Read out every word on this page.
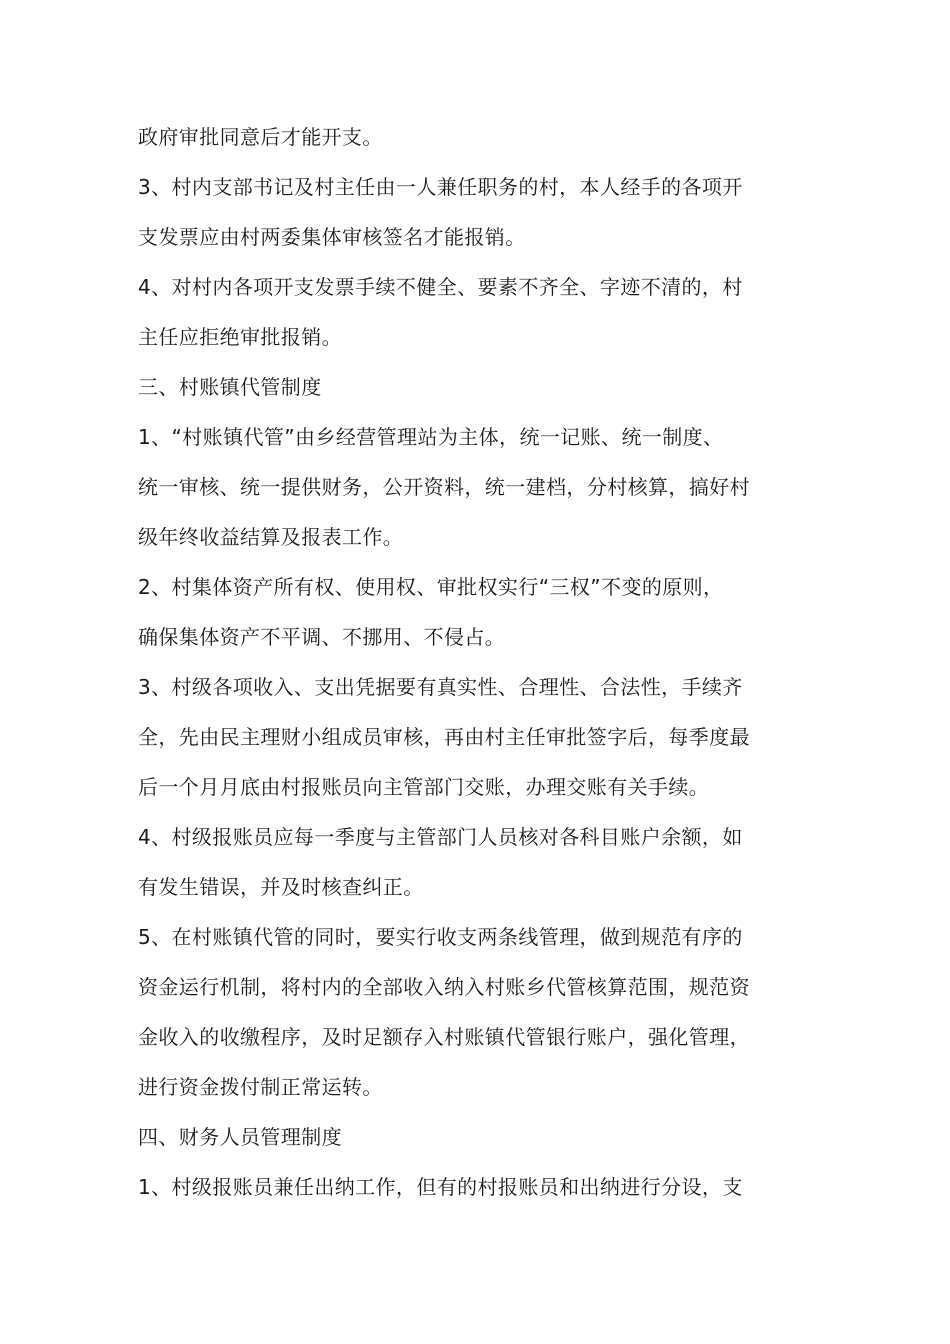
政府审批同意后才能开支。
3、村内支部书记及村主任由一人兼任职务的村，本人经手的各项开
支发票应由村两委集体审核签名才能报销。
4、对村内各项开支发票手续不健全、要素不齐全、字迹不清的，村
主任应拒绝审批报销。
三、村账镇代管制度
1、“村账镇代管”由乡经营管理站为主体，统一记账、统一制度、
统一审核、统一提供财务，公开资料，统一建档，分村核算，搞好村
级年终收益结算及报表工作。
2、村集体资产所有权、使用权、审批权实行“三权”不变的原则，
确保集体资产不平调、不挪用、不侵占。
3、村级各项收入、支出凭据要有真实性、合理性、合法性，手续齐
全，先由民主理财小组成员审核，再由村主任审批签字后，每季度最
后一个月月底由村报账员向主管部门交账，办理交账有关手续。
4、村级报账员应每一季度与主管部门人员核对各科目账户余额，如
有发生错误，并及时核查纠正。
5、在村账镇代管的同时，要实行收支两条线管理，做到规范有序的
资金运行机制，将村内的全部收入纳入村账乡代管核算范围，规范资
金收入的收缴程序，及时足额存入村账镇代管银行账户，强化管理，
进行资金拨付制正常运转。
四、财务人员管理制度
1、村级报账员兼任出纳工作，但有的村报账员和出纳进行分设，支
